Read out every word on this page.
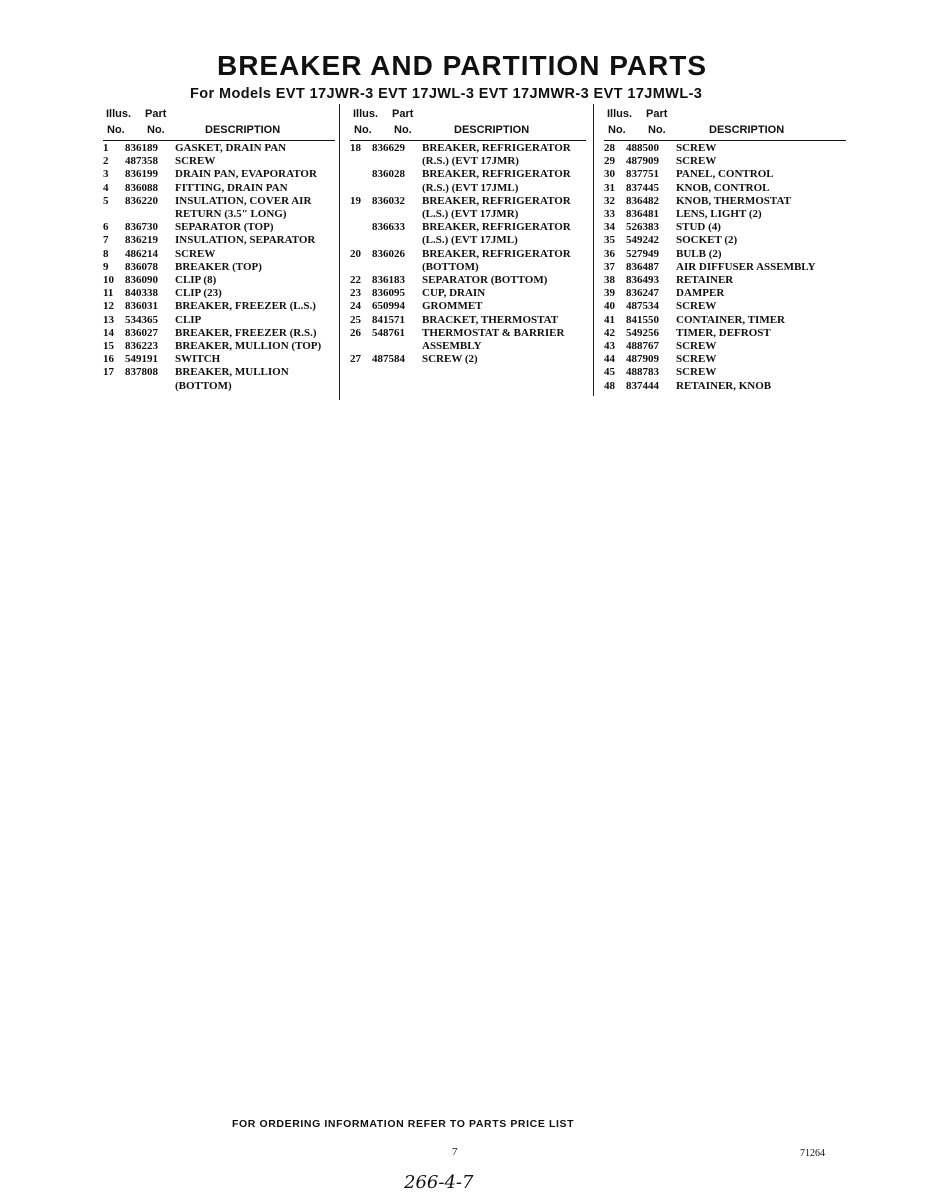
BREAKER AND PARTITION PARTS
For Models EVT 17JWR-3 EVT 17JWL-3 EVT 17JMWR-3 EVT 17JMWL-3
Illus. Part
No. No.	DESCRIPTION
1	836189	GASKET, DRAIN PAN
2	487358	SCREW
3	836199	DRAIN PAN, EVAPORATOR
4	836088	FITTING, DRAIN PAN
5	836220	INSULATION, COVER AIR
RETURN (3.5" LONG)
6	836730	SEPARATOR (TOP)
7	836219	INSULATION, SEPARATOR
8	486214	SCREW
9	836078	BREAKER (TOP)
10	836090	CLIP (8)
11	840338	CLIP (23)
12	836031	BREAKER, FREEZER (L.S.)
13	534365	CLIP
14	836027	BREAKER, FREEZER (R.S.)
15	836223	BREAKER, MULLION (TOP)
16	549191	SWITCH
17	837808	BREAKER, MULLION
(BOTTOM)
Illus. Part
No. No.	DESCRIPTION
18	836629	BREAKER, REFRIGERATOR
(R.S.) (EVT 17JMR)
836028	BREAKER, REFRIGERATOR
(R.S.) (EVT 17JML)
19	836032	BREAKER, REFRIGERATOR
(L.S.) (EVT 17JMR)
836633	BREAKER, REFRIGERATOR
(L.S.) (EVT 17JML)
20	836026	BREAKER, REFRIGERATOR
(BOTTOM)
22	836183	SEPARATOR (BOTTOM)
23	836095	CUP, DRAIN
24	650994	GROMMET
25	841571	BRACKET, THERMOSTAT
26	548761	THERMOSTAT & BARRIER
ASSEMBLY
27	487584	SCREW (2)
Illus. Part
No. No.	DESCRIPTION
28	488500	SCREW
29	487909	SCREW
30	837751	PANEL, CONTROL
31	837445	KNOB, CONTROL
32	836482	KNOB, THERMOSTAT
33	836481	LENS, LIGHT (2)
34	526383	STUD (4)
35	549242	SOCKET (2)
36	527949	BULB (2)
37	836487	AIR DIFFUSER ASSEMBLY
38	836493	RETAINER
39	836247	DAMPER
40	487534	SCREW
41	841550	CONTAINER, TIMER
42	549256	TIMER, DEFROST
43	488767	SCREW
44	487909	SCREW
45	488783	SCREW
48	837444	RETAINER, KNOB
FOR ORDERING INFORMATION REFER TO PARTS PRICE LIST
7	71264
266-4-7
